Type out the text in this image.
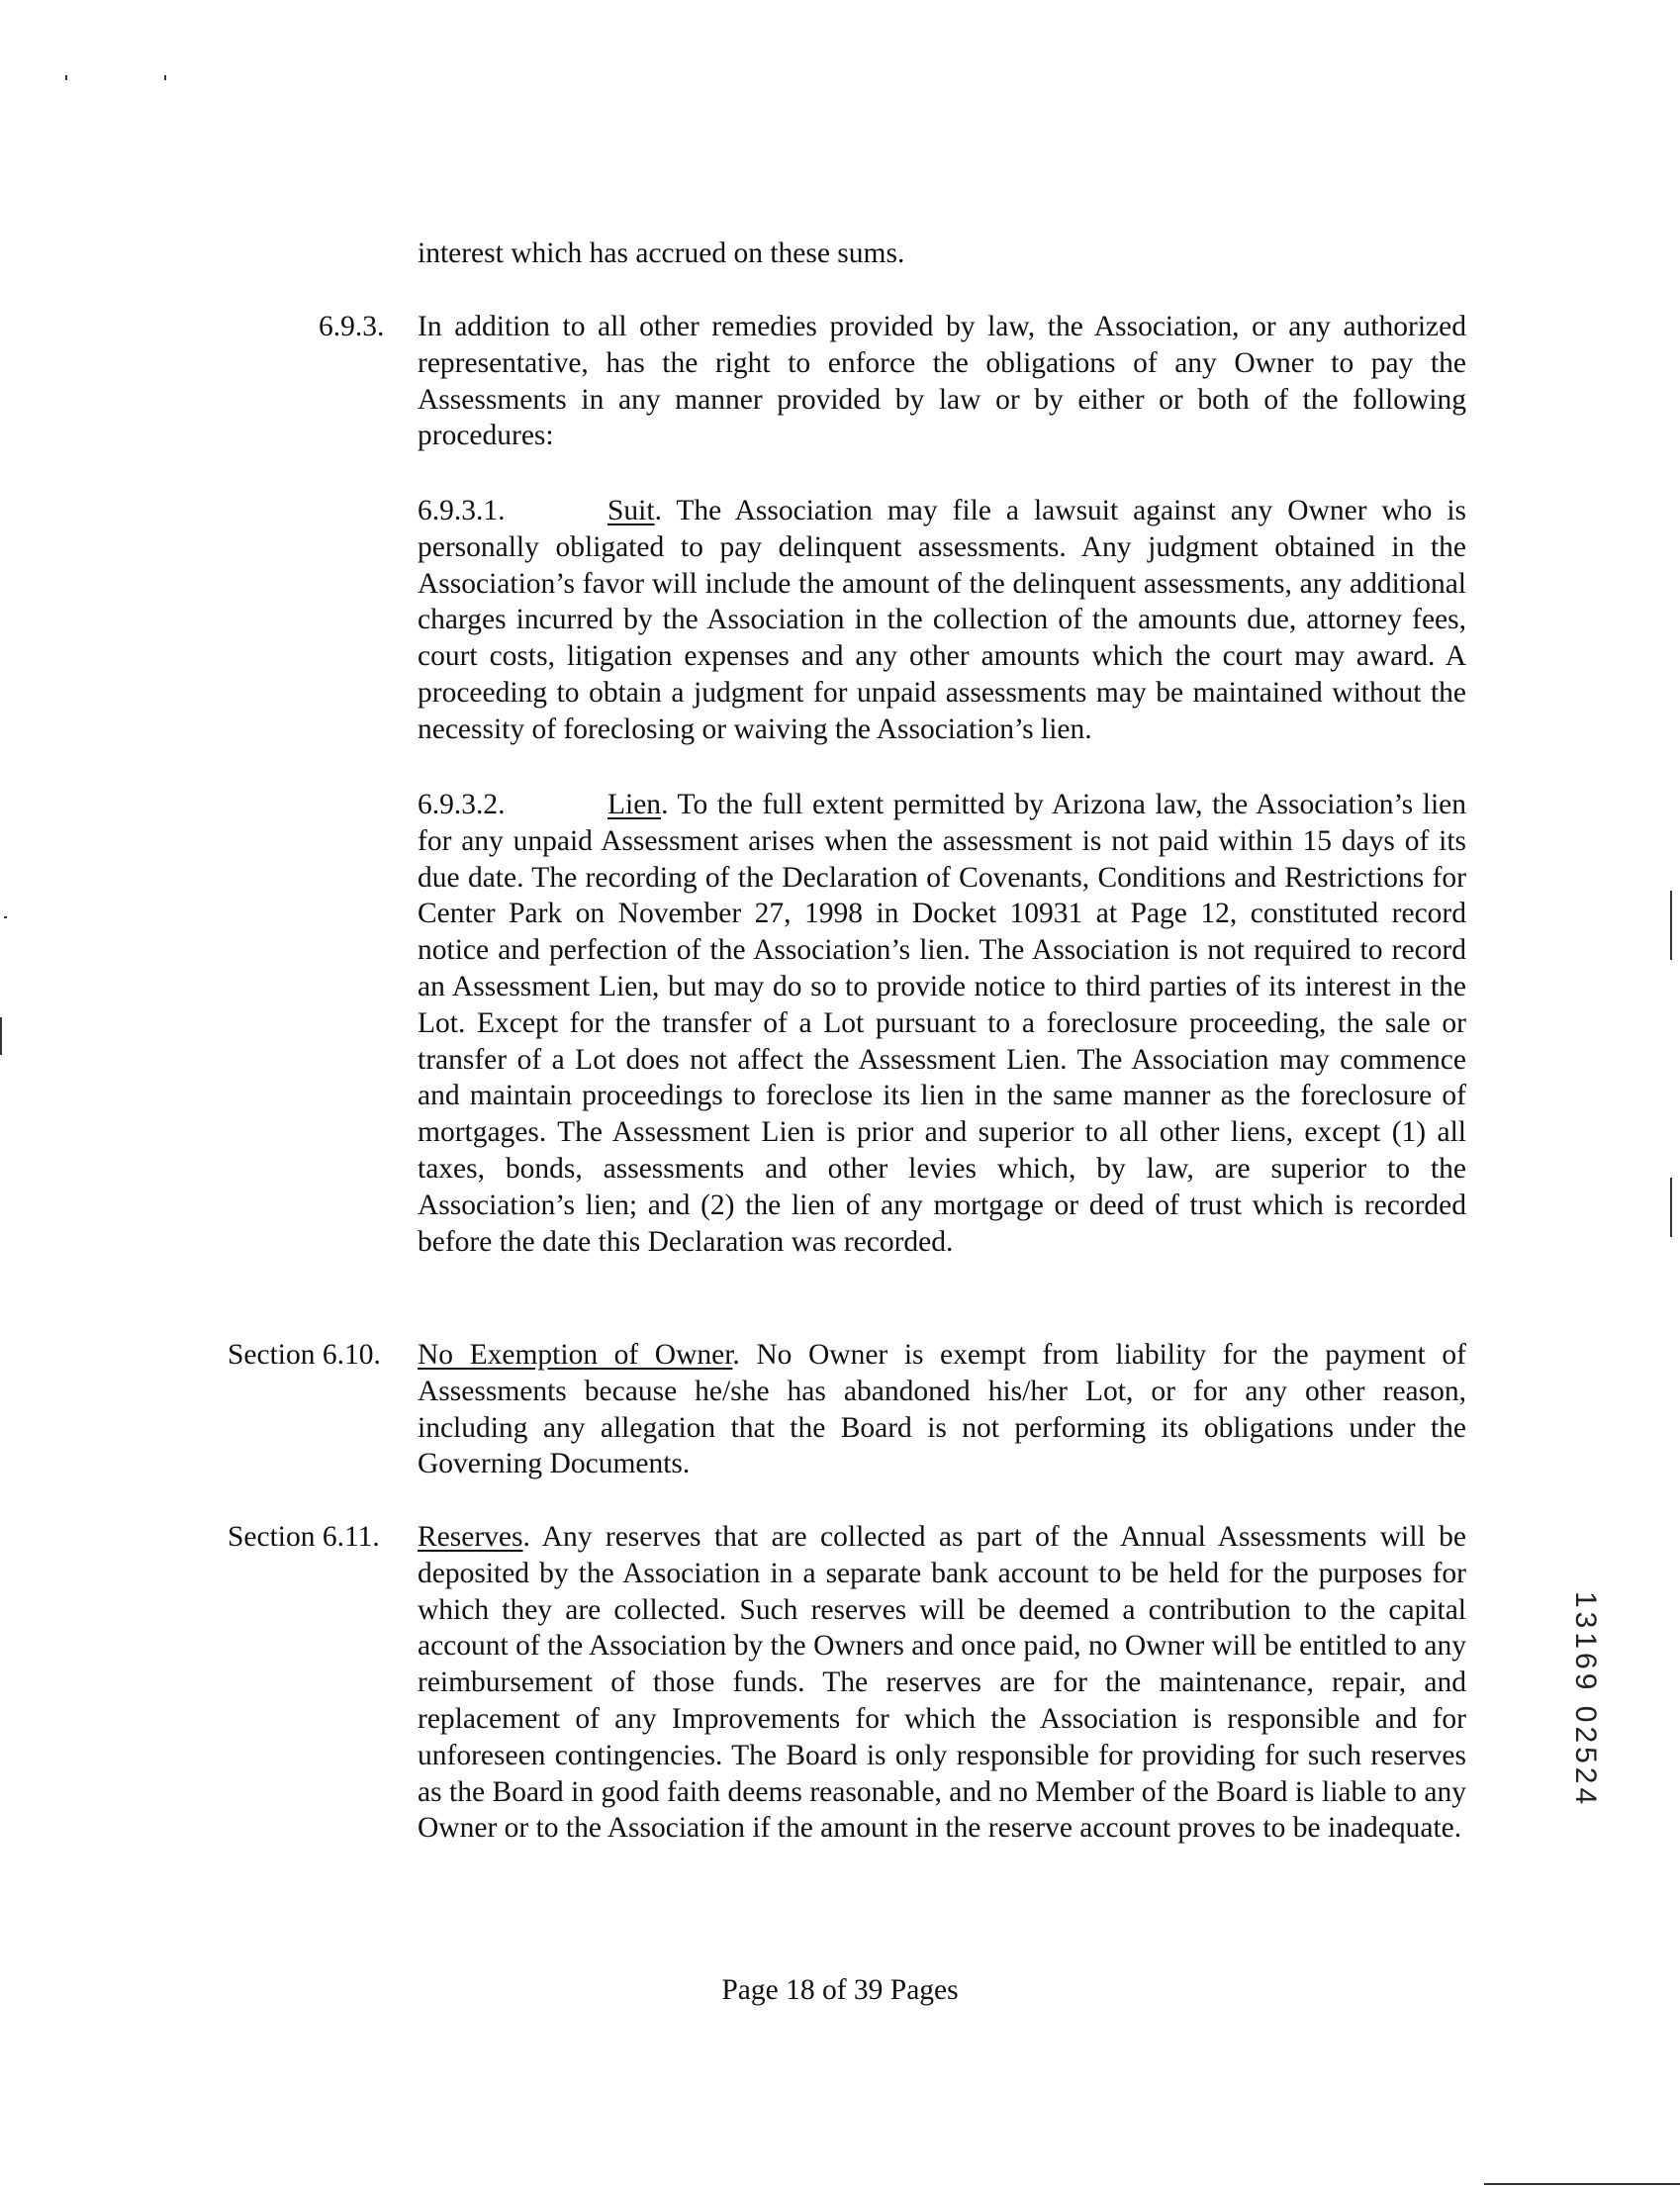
interest which has accrued on these sums.

6.9.3. In addition to all other remedies provided by law, the Association, or any authorized representative, has the right to enforce the obligations of any Owner to pay the Assessments in any manner provided by law or by either or both of the following procedures:

6.9.3.1.	Suit. The Association may file a lawsuit against any Owner who is personally obligated to pay delinquent assessments. Any judgment obtained in the Association’s favor will include the amount of the delinquent assessments, any additional charges incurred by the Association in the collection of the amounts due, attorney fees, court costs, litigation expenses and any other amounts which the court may award. A proceeding to obtain a judgment for unpaid assessments may be maintained without the necessity of foreclosing or waiving the Association’s lien.

6.9.3.2.	Lien. To the full extent permitted by Arizona law, the Association’s lien for any unpaid Assessment arises when the assessment is not paid within 15 days of its due date. The recording of the Declaration of Covenants, Conditions and Restrictions for Center Park on November 27, 1998 in Docket 10931 at Page 12, constituted record notice and perfection of the Association’s lien. The Association is not required to record an Assessment Lien, but may do so to provide notice to third parties of its interest in the Lot. Except for the transfer of a Lot pursuant to a foreclosure proceeding, the sale or transfer of a Lot does not affect the Assessment Lien. The Association may commence and maintain proceedings to foreclose its lien in the same manner as the foreclosure of mortgages. The Assessment Lien is prior and superior to all other liens, except (1) all taxes, bonds, assessments and other levies which, by law, are superior to the Association’s lien; and (2) the lien of any mortgage or deed of trust which is recorded before the date this Declaration was recorded.

Section 6.10. No Exemption of Owner. No Owner is exempt from liability for the payment of Assessments because he/she has abandoned his/her Lot, or for any other reason, including any allegation that the Board is not performing its obligations under the Governing Documents.

Section 6.11. Reserves. Any reserves that are collected as part of the Annual Assessments will be deposited by the Association in a separate bank account to be held for the purposes for which they are collected. Such reserves will be deemed a contribution to the capital account of the Association by the Owners and once paid, no Owner will be entitled to any reimbursement of those funds. The reserves are for the maintenance, repair, and replacement of any Improvements for which the Association is responsible and for unforeseen contingencies. The Board is only responsible for providing for such reserves as the Board in good faith deems reasonable, and no Member of the Board is liable to any Owner or to the Association if the amount in the reserve account proves to be inadequate.

Page 18 of 39 Pages
13169 02524
